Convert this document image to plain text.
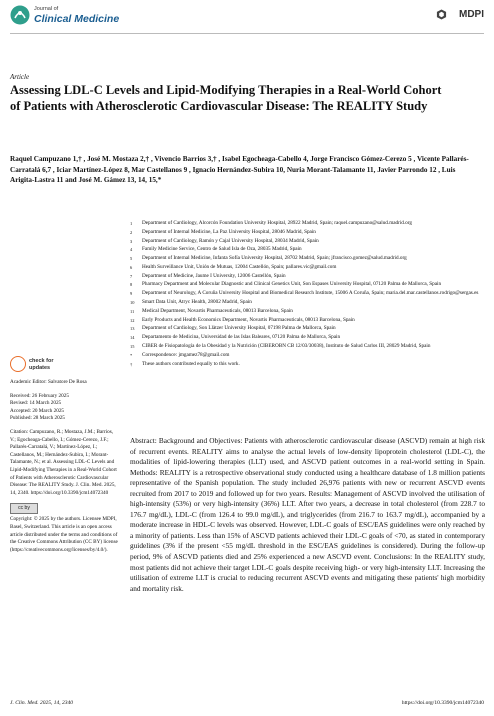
Journal of
Clinical Medicine	MDPI
Article
Assessing LDL-C Levels and Lipid-Modifying Therapies in a Real-World Cohort of Patients with Atherosclerotic Cardiovascular Disease: The REALITY Study
Raquel Campuzano 1,† , José M. Mostaza 2,† , Vivencio Barrios 3,† , Isabel Egocheaga-Cabello 4, Jorge Francisco Gómez-Cerezo 5 , Vicente Pallarés-Carratalá 6,7 , Iciar Martínez-López 8, Mar Castellanos 9 , Ignacio Hernández-Subira 10, Nuria Morant-Talamante 11, Javier Parrondo 12 , Luis Arigita-Lastra 11 and José M. Gámez 13, 14, 15,*
1	Department of Cardiology, Alcorcón Foundation University Hospital, 28922 Madrid, Spain; raquel.campuzano@salud.madrid.org
2	Department of Internal Medicine, La Paz University Hospital, 28046 Madrid, Spain
3	Department of Cardiology, Ramón y Cajal University Hospital, 28034 Madrid, Spain
4	Family Medicine Service, Centro de Salud Isla de Oza, 28035 Madrid, Spain
5	Department of Internal Medicine, Infanta Sofía University Hospital, 28702 Madrid, Spain; jfrancisco.gomez@salud.madrid.org
6	Health Surveillance Unit, Unión de Mutuas, 12004 Castellón, Spain; pallares.vic@gmail.com
7	Department of Medicine, Jaume I University, 12006 Castellón, Spain
8	Pharmacy Department and Molecular Diagnostic and Clinical Genetics Unit, Son Espases University Hospital, 07120 Palma de Mallorca, Spain
9	Department of Neurology, A Coruña University Hospital and Biomedical Research Institute, 15006 A Coruña, Spain; maria.del.mar.castellanos.rodrigo@sergas.es
10	Smart Data Unit, Atryc Health, 28002 Madrid, Spain
11	Medical Department, Novartis Pharmaceuticals, 08013 Barcelona, Spain
12	Early Products and Health Economics Department, Novartis Pharmaceuticals, 08013 Barcelona, Spain
13	Department of Cardiology, Son Llàtzer University Hospital, 07198 Palma de Mallorca, Spain
14	Departamento de Medicina, Universidad de las Islas Baleares, 07120 Palma de Mallorca, Spain
15	CIBER de Fisiopatología de la Obesidad y la Nutrición (CIBEROBN CB 12/03/30038), Instituto de Salud Carlos III, 28029 Madrid, Spain
*	Correspondence: jmgamez78@gmail.com
†	These authors contributed equally to this work.
check for
updates
Academic Editor: Salvatore De Rosa
Received: 26 February 2025
Revised: 14 March 2025
Accepted: 20 March 2025
Published: 28 March 2025
Citation: Campuzano, R.; Mostaza, J.M.; Barrios, V.; Egocheaga-Cabello, I.; Gómez-Cerezo, J.F.; Pallarés-Carratalá, V.; Martínez-López, I.; Castellanos, M.; Hernández-Subira, I.; Morant-Talamante, N.; et al. Assessing LDL-C Levels and Lipid-Modifying Therapies in a Real-World Cohort of Patients with Atherosclerotic Cardiovascular Disease: The REALITY Study. J. Clin. Med. 2025, 14, 2340. https://doi.org/10.3390/jcm14072340
cc by
Copyright: © 2025 by the authors. Licensee MDPI, Basel, Switzerland. This article is an open access article distributed under the terms and conditions of the Creative Commons Attribution (CC BY) license (https://creativecommons.org/licenses/by/4.0/).
Abstract: Background and Objectives: Patients with atherosclerotic cardiovascular disease (ASCVD) remain at high risk of recurrent events. REALITY aims to analyse the actual levels of low-density lipoprotein cholesterol (LDL-C), the modalities of lipid-lowering therapies (LLT) used, and ASCVD patient outcomes in a real-world setting in Spain. Methods: REALITY is a retrospective observational study conducted using a healthcare database of 1.8 million patients representative of the Spanish population. The study included 26,976 patients with new or recurrent ASCVD events recruited from 2017 to 2019 and followed up for two years. Results: Management of ASCVD involved the utilisation of high-intensity (53%) or very high-intensity (36%) LLT. After two years, a decrease in total cholesterol (from 228.7 to 176.7 mg/dL), LDL-C (from 126.4 to 99.0 mg/dL), and triglycerides (from 216.7 to 163.7 mg/dL), accompanied by a moderate increase in HDL-C levels was observed. However, LDL-C goals of ESC/EAS guidelines were only reached by a minority of patients. Less than 15% of ASCVD patients achieved their LDL-C goals of <70, as stated in contemporary guidelines (3% if the present <55 mg/dL threshold in the ESC/EAS guidelines is considered). During the follow-up period, 9% of ASCVD patients died and 25% experienced a new ASCVD event. Conclusions: In the REALITY study, most patients did not achieve their target LDL-C goals despite receiving high- or very high-intensity LLT. Increasing the utilisation of extreme LLT is crucial to reducing recurrent ASCVD events and mitigating these patients' high morbidity and mortality risk.
J. Clin. Med. 2025, 14, 2340	https://doi.org/10.3390/jcm14072340
